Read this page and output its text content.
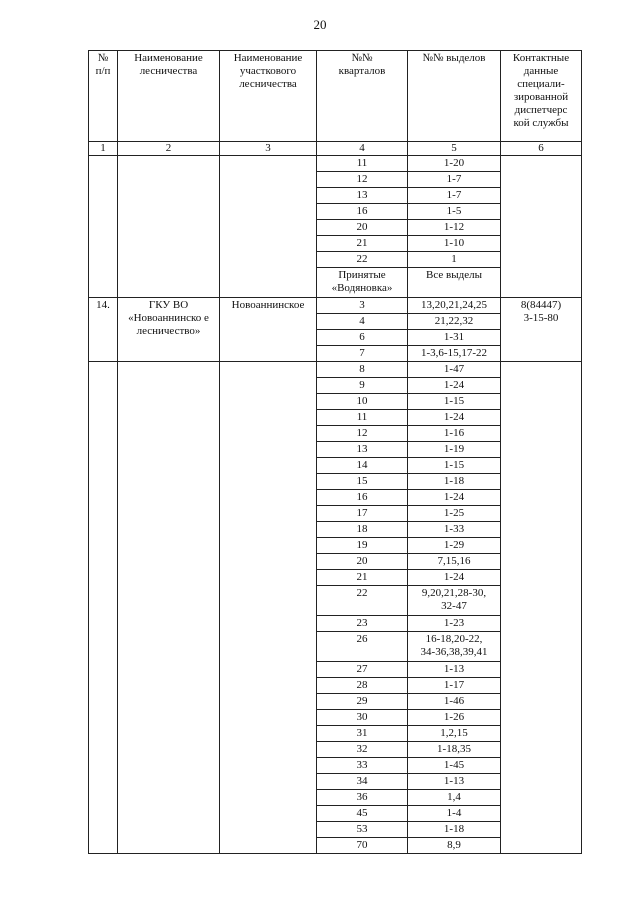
20
№
п/п	Наименование лесничества	Наименование участкового лесничества	№№
кварталов	№№ выделов	Контактные данные специали-
зированной диспетчерс
кой службы
1	2	3	4	5	6
			11	1-20	
			12	1-7	
			13	1-7	
			16	1-5	
			20	1-12	
			21	1-10	
			22	1	
			Принятые «Водяновка»	Все выделы	
14.	ГКУ ВО «Новоаннинско е лесничество»	Новоаннинское	3	13,20,21,24,25	8(84447)
3-15-80
			4	21,22,32	
			6	1-31	
			7	1-3,6-15,17-22	
			8	1-47	
			9	1-24	
			10	1-15	
			11	1-24	
			12	1-16	
			13	1-19	
			14	1-15	
			15	1-18	
			16	1-24	
			17	1-25	
			18	1-33	
			19	1-29	
			20	7,15,16	
			21	1-24	
			22	9,20,21,28-30,
32-47	
			23	1-23	
			26	16-18,20-22,
34-36,38,39,41	
			27	1-13	
			28	1-17	
			29	1-46	
			30	1-26	
			31	1,2,15	
			32	1-18,35	
			33	1-45	
			34	1-13	
			36	1,4	
			45	1-4	
			53	1-18	
			70	8,9	
